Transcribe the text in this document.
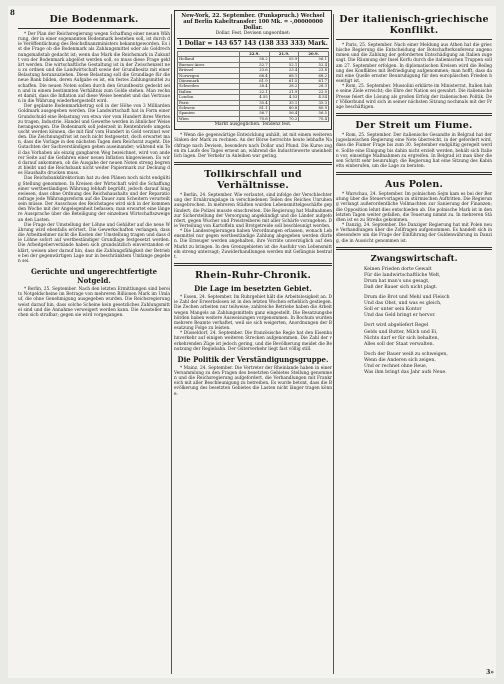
8
Die Bodenmark.

* Der Plan der Reichsregierung wegen Schaffung einer neuen Währung, der in einer sogenannten Bodenmark bestehen soll, ist durch die Veröffentlichung des Reichsfinanzministers bekanntgeworden. Es ist die Frage ob die Bodenmark als Zahlungsmittel oder als Goldrechnungsmaßstab gedacht ist; wenn das Mark die Reichsmark in Zukunft von der Bodenmark abgelöst werden soll, so muss diese Frage geklärt werden. Die wirtschaftliche Gestaltung ist in der Zwischenzeit neu zu ordnen und die Landwirtschaft sowie der Grundbesitz mit einer Belastung heranzuziehen. Diese Belastung soll die Grundlage für die neue Bank bilden, deren Aufgabe es ist, ein festes Zahlungsmittel zu schaffen. Die neuen Noten sollen durch den Grundbesitz gedeckt sein und in einem bestimmten Verhältnis zum Golde stehen. Man rechnet damit, dass die Inflation auf diese Weise beendet und das Vertrauen in die Währung wiederhergestellt wird.

Der geplante Bodenmarkbetrag soll in der Höhe von 3 Milliarden Goldmark ausgegeben werden. Die Landwirtschaft hat in Form einer Grundschuld eine Belastung von etwa vier vom Hundert ihres Wertes zu tragen, Industrie, Handel und Gewerbe werden in ähnlicher Weise herangezogen. Die Bodenmark soll jederzeit in Rentenbriefe umgetauscht werden können, die mit fünf vom Hundert in Gold verzinst werden. Die Zeichnungsfrist ist noch nicht festgesetzt, doch erwartet man, dass die Vorlage in den nächsten Tagen dem Reichsrat zugeht. Die Gutachten der Sachverständigen gehen auseinander; während ein Teil das Vorhaben als einzig gangbaren Weg bezeichnet, wird von anderer Seite auf die Gefahren einer neuen Inflation hingewiesen. Es wird darauf ankommen, ob die Ausgabe der neuen Noten streng begrenzt bleibt und die Reichsbank nicht weiter Papiermark zur Deckung des Haushalts drucken muss.

Das Reichsbankdirektorium hat zu den Plänen noch nicht endgültig Stellung genommen. In Kreisen der Wirtschaft wird die Schaffung einer wertbeständigen Währung lebhaft begrüßt, jedoch darauf hingewiesen, dass ohne Ordnung des Reichshaushalts und der Reparationsfrage jede Währungsreform auf die Dauer zum Scheitern verurteilt sein müsse. Der Ausschuss des Reichstages wird sich in der kommenden Woche mit der Angelegenheit befassen; man erwartet eine längere Aussprache über die Beteiligung der einzelnen Wirtschaftszweige an den Lasten.

Die Frage der Umstellung der Löhne und Gehälter auf die neue Währung wird ebenfalls erörtert. Die Gewerkschaften verlangen, dass die Arbeitnehmer nicht die Kosten der Umstellung tragen und dass die Löhne sofort auf wertbeständiger Grundlage festgesetzt werden. Die Arbeitgeberverbände haben sich grundsätzlich einverstanden erklärt, weisen aber darauf hin, dass die Zahlungsfähigkeit der Betriebe bei der gegenwärtigen Lage nur in beschränktem Umfange gegeben sei.

Gerüchte und ungerechtfertigte Notgeld.

* Berlin, 25. September. Nach den letzten Ermittlungen sind bereits Notgeldscheine im Betrage von mehreren Billionen Mark im Umlauf, die ohne Genehmigung ausgegeben wurden. Die Reichsregierung weist darauf hin, dass solche Scheine kein gesetzliches Zahlungsmittel sind und die Annahme verweigert werden kann. Die Aussteller machen sich strafbar; gegen sie wird vorgegangen.

New-York, 22. September. (Funkspruch.) Wechsel auf Berlin Kabeltransfer: 100 Mk. = -,00000000 Dollar.
Dollar. Fest. Devisen ungeordnet:
1 Dollar = 143 657 143 (138 333 333) Mark.
	22.9.	21.9.	20.9.
Holland	56.2	55.9	56.1
Buenos-Aires	52.7	52.1	52.4
Brüssel	23.6	23.4	23.8
Norwegen	68.4	68.1	68.2
Dänemark	61.9	61.5	61.7
Schweden	28.4	28.2	28.3
Italien	22.1	21.9	22.0
London	4.55	4.53	4.54
Paris	35.4	35.1	35.3
Schweiz	81.1	80.8	80.9
Spanien	56.7	56.4	56.5
Wien	70.6	70.2	70.4
Markt ausgeglichen. Tendenz fest.

* Wenn die gegenwärtige Entwicklung anhält, ist mit einem weiteren Sinken der Mark zu rechnen. An der Börse herrschte heute lebhafte Nachfrage nach Devisen, besonders nach Dollar und Pfund. Die Kurse zogen im Laufe des Tages erneut an, während die Industriewerte uneinheitlich lagen. Der Verkehr in Anleihen war gering.

Tollkirschfall und Verhältnisse.

* Berlin, 24. September. Wie verlautet, sind infolge der Verschlechterung der Ernährungslage in verschiedenen Teilen des Reiches Unruhen ausgebrochen. In mehreren Städten wurden Lebensmittelgeschäfte geplündert; die Polizei musste einschreiten. Die Regierung hat Maßnahmen zur Sicherstellung der Versorgung angekündigt und die Länder aufgefordert, gegen Wucher und Preistreiberei mit aller Schärfe vorzugehen. Die Verteilung von Kartoffeln und Brotgetreide soll beschleunigt werden.

* Die Landesregierungen haben Verordnungen erlassen, wonach Lebensmittel nur gegen wertbeständige Zahlung abgegeben werden dürfen. Die Erzeuger werden angehalten, ihre Vorräte unverzüglich auf den Markt zu bringen. In den Grenzgebieten ist die Ausfuhr von Lebensmitteln streng untersagt; Zuwiderhandlungen werden mit Gefängnis bestraft.

Rhein-Ruhr-Chronik.
Die Lage im besetzten Gebiet.

* Essen, 24. September. Im Ruhrgebiet hält die Arbeitslosigkeit an. Die Zahl der Erwerbslosen ist in den letzten Wochen erheblich gestiegen. Die Zechen arbeiten nur teilweise; zahlreiche Betriebe haben die Arbeit wegen Mangels an Zahlungsmitteln ganz eingestellt. Die Besatzungsbehörden haben weitere Ausweisungen vorgenommen. In Bochum wurden mehrere Beamte verhaftet, weil sie sich weigerten, Anordnungen der Besatzung Folge zu leisten.

* Düsseldorf, 24. September. Die französische Regie hat den Eisenbahnverkehr auf einigen weiteren Strecken aufgenommen. Die Zahl der verkehrenden Züge ist jedoch gering, und die Bevölkerung meidet die Benutzung der Regiebahn. Der Güterverkehr liegt fast völlig still.

Die Politik der Verständigungsgruppe.

* Mainz, 24. September. Die Vertreter der Rheinlande haben in einer Versammlung zu den Fragen des besetzten Gebietes Stellung genommen und die Reichsregierung aufgefordert, die Verhandlungen mit Frankreich mit aller Beschleunigung zu betreiben. Es wurde betont, dass die Bevölkerung des besetzten Gebietes die Lasten nicht länger tragen könne.

Der italienisch-griechische Konflikt.

* Paris, 25. September. Nach einer Meldung aus Athen hat die griechische Regierung die Entscheidung der Botschafterkonferenz angenommen und die Zahlung der geforderten Entschädigung an Italien zugesagt. Die Räumung der Insel Korfu durch die italienischen Truppen soll am 27. September erfolgen. In diplomatischen Kreisen wird die Beilegung des Konfliktes mit Befriedigung aufgenommen; man hofft, dass damit eine Quelle ernster Beunruhigung für den europäischen Frieden beseitigt ist.

* Rom, 25. September. Mussolini erklärte im Ministerrat, Italien habe seine Ziele erreicht; die Ehre der Nation sei gewahrt. Die italienische Presse feiert die Lösung als großen Erfolg der italienischen Politik. Der Völkerbund wird sich in seiner nächsten Sitzung nochmals mit der Frage beschäftigen.

Der Streit um Fiume.

* Rom, 25. September. Der italienische Gesandte in Belgrad hat der jugoslawischen Regierung eine Note überreicht, in der gefordert wird, dass die Fiumer Frage bis zum 30. September endgültig geregelt werde. Sollte eine Einigung bis dahin nicht erzielt werden, behält sich Italien vor, einseitige Maßnahmen zu ergreifen. In Belgrad ist man über diesen Schritt sehr beunruhigt; die Regierung hat eine Sitzung des Kabinetts einberufen, um die Lage zu beraten.

Aus Polen.

* Warschau, 24. September. Im polnischen Sejm kam es bei der Beratung über die Steuervorlagen zu stürmischen Auftritten. Die Regierung verlangt außerordentliche Vollmachten zur Sanierung der Finanzen; die Opposition lehnt dies entschieden ab. Die polnische Mark ist in den letzten Tagen weiter gefallen, die Teuerung nimmt zu. In mehreren Städten ist es zu Streiks gekommen.

* Danzig, 24. September. Die Danziger Regierung hat mit Polen neue Verhandlungen über die Zollfragen aufgenommen. Es handelt sich insbesondere um die Frage der Einführung der Guldenwährung in Danzig, die in Aussicht genommen ist.

Zwangswirtschaft.
Keinen Frieden dorte Gewalt
Für die landwirtschaftliche Welt,
Drum hat man's uns gesagt,
Daß der Bauer sich nicht plagt.
Drum die Brot und Mehl und Fleisch
Und das Obst, und was es gleich,
Soll er unter sein Kontor
Und das Geld bringt er hervor.
Dort wird abgeliefert Regel
Gelds und Butter, Milch und Ei,
Nichts darf er für sich behalten,
Alles soll der Staat verwalten.
Doch der Bauer weiß zu schweigen,
Wenn die Anderen sich zeigen,
Und er rechnet ohne Reue,
Was ihm bringt das Jahr aufs Neue.
3»
